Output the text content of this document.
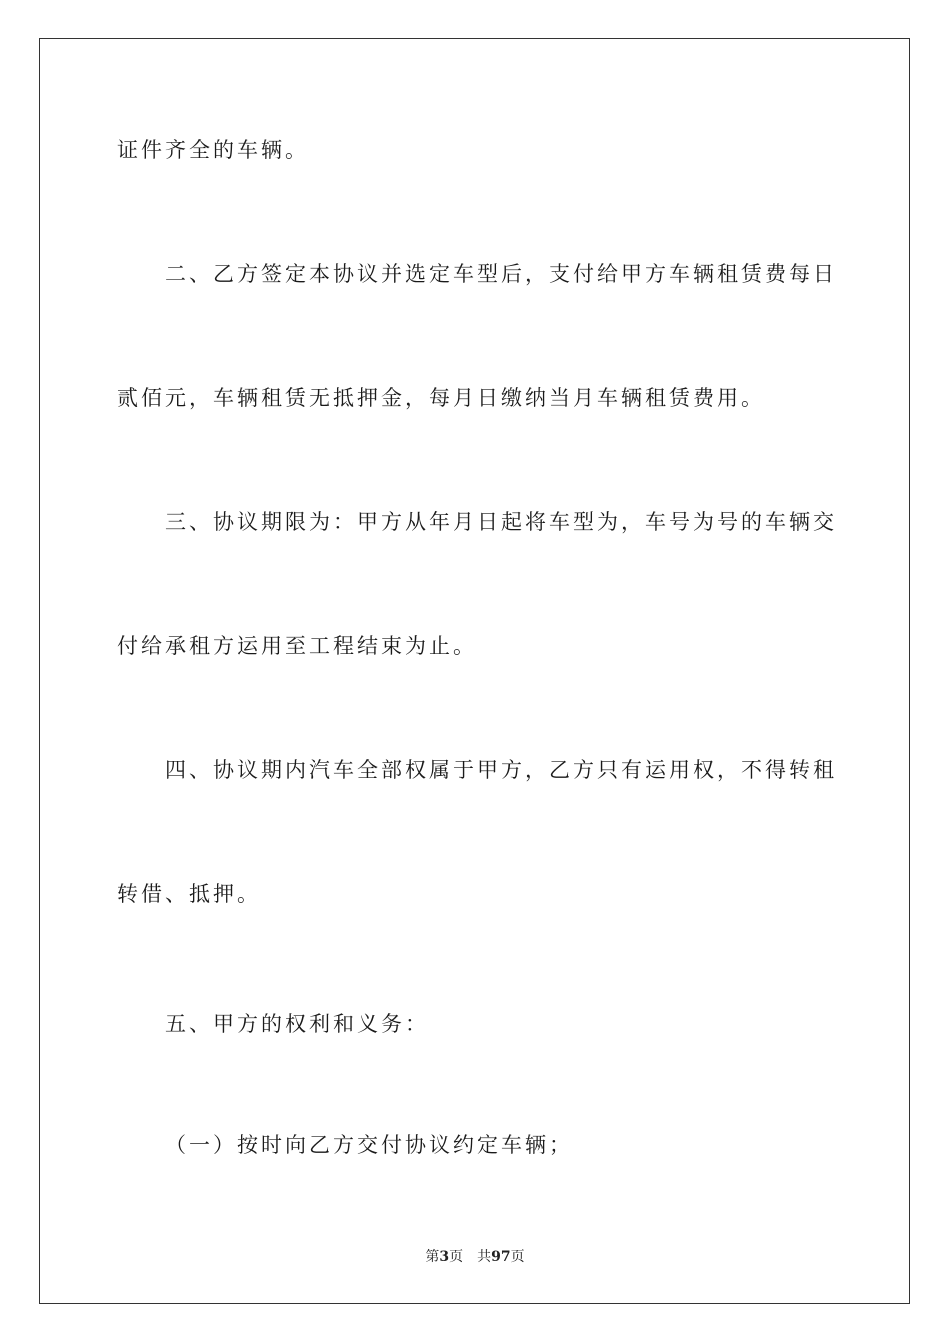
证件齐全的车辆。
二、乙方签定本协议并选定车型后，支付给甲方车辆租赁费每日
贰佰元，车辆租赁无抵押金，每月日缴纳当月车辆租赁费用。
三、协议期限为：甲方从年月日起将车型为，车号为号的车辆交
付给承租方运用至工程结束为止。
四、协议期内汽车全部权属于甲方，乙方只有运用权，不得转租
转借、抵押。
五、甲方的权利和义务：
（一）按时向乙方交付协议约定车辆；
第3页 共97页
